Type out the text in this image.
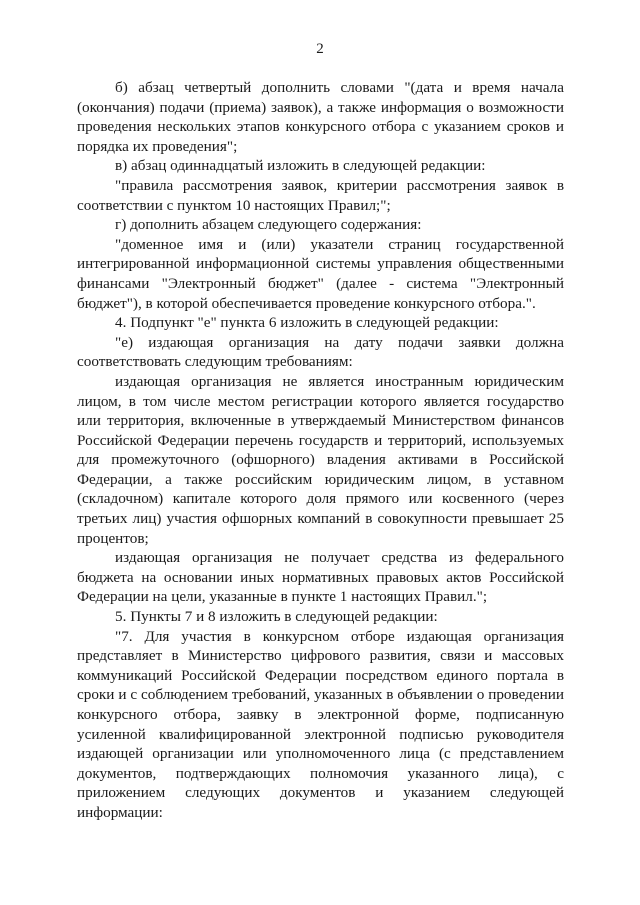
2

б) абзац четвертый дополнить словами "(дата и время начала (окончания) подачи (приема) заявок), а также информация о возможности проведения нескольких этапов конкурсного отбора с указанием сроков и порядка их проведения";

в) абзац одиннадцатый изложить в следующей редакции:

"правила рассмотрения заявок, критерии рассмотрения заявок в соответствии с пунктом 10 настоящих Правил;";

г) дополнить абзацем следующего содержания:

"доменное имя и (или) указатели страниц государственной интегрированной информационной системы управления общественными финансами "Электронный бюджет" (далее - система "Электронный бюджет"), в которой обеспечивается проведение конкурсного отбора.".

4. Подпункт "е" пункта 6 изложить в следующей редакции:

"е) издающая организация на дату подачи заявки должна соответствовать следующим требованиям:

издающая организация не является иностранным юридическим лицом, в том числе местом регистрации которого является государство или территория, включенные в утверждаемый Министерством финансов Российской Федерации перечень государств и территорий, используемых для промежуточного (офшорного) владения активами в Российской Федерации, а также российским юридическим лицом, в уставном (складочном) капитале которого доля прямого или косвенного (через третьих лиц) участия офшорных компаний в совокупности превышает 25 процентов;

издающая организация не получает средства из федерального бюджета на основании иных нормативных правовых актов Российской Федерации на цели, указанные в пункте 1 настоящих Правил.";

5. Пункты 7 и 8 изложить в следующей редакции:

"7. Для участия в конкурсном отборе издающая организация представляет в Министерство цифрового развития, связи и массовых коммуникаций Российской Федерации посредством единого портала в сроки и с соблюдением требований, указанных в объявлении о проведении конкурсного отбора, заявку в электронной форме, подписанную усиленной квалифицированной электронной подписью руководителя издающей организации или уполномоченного лица (с представлением документов, подтверждающих полномочия указанного лица), с приложением следующих документов и указанием следующей информации:
